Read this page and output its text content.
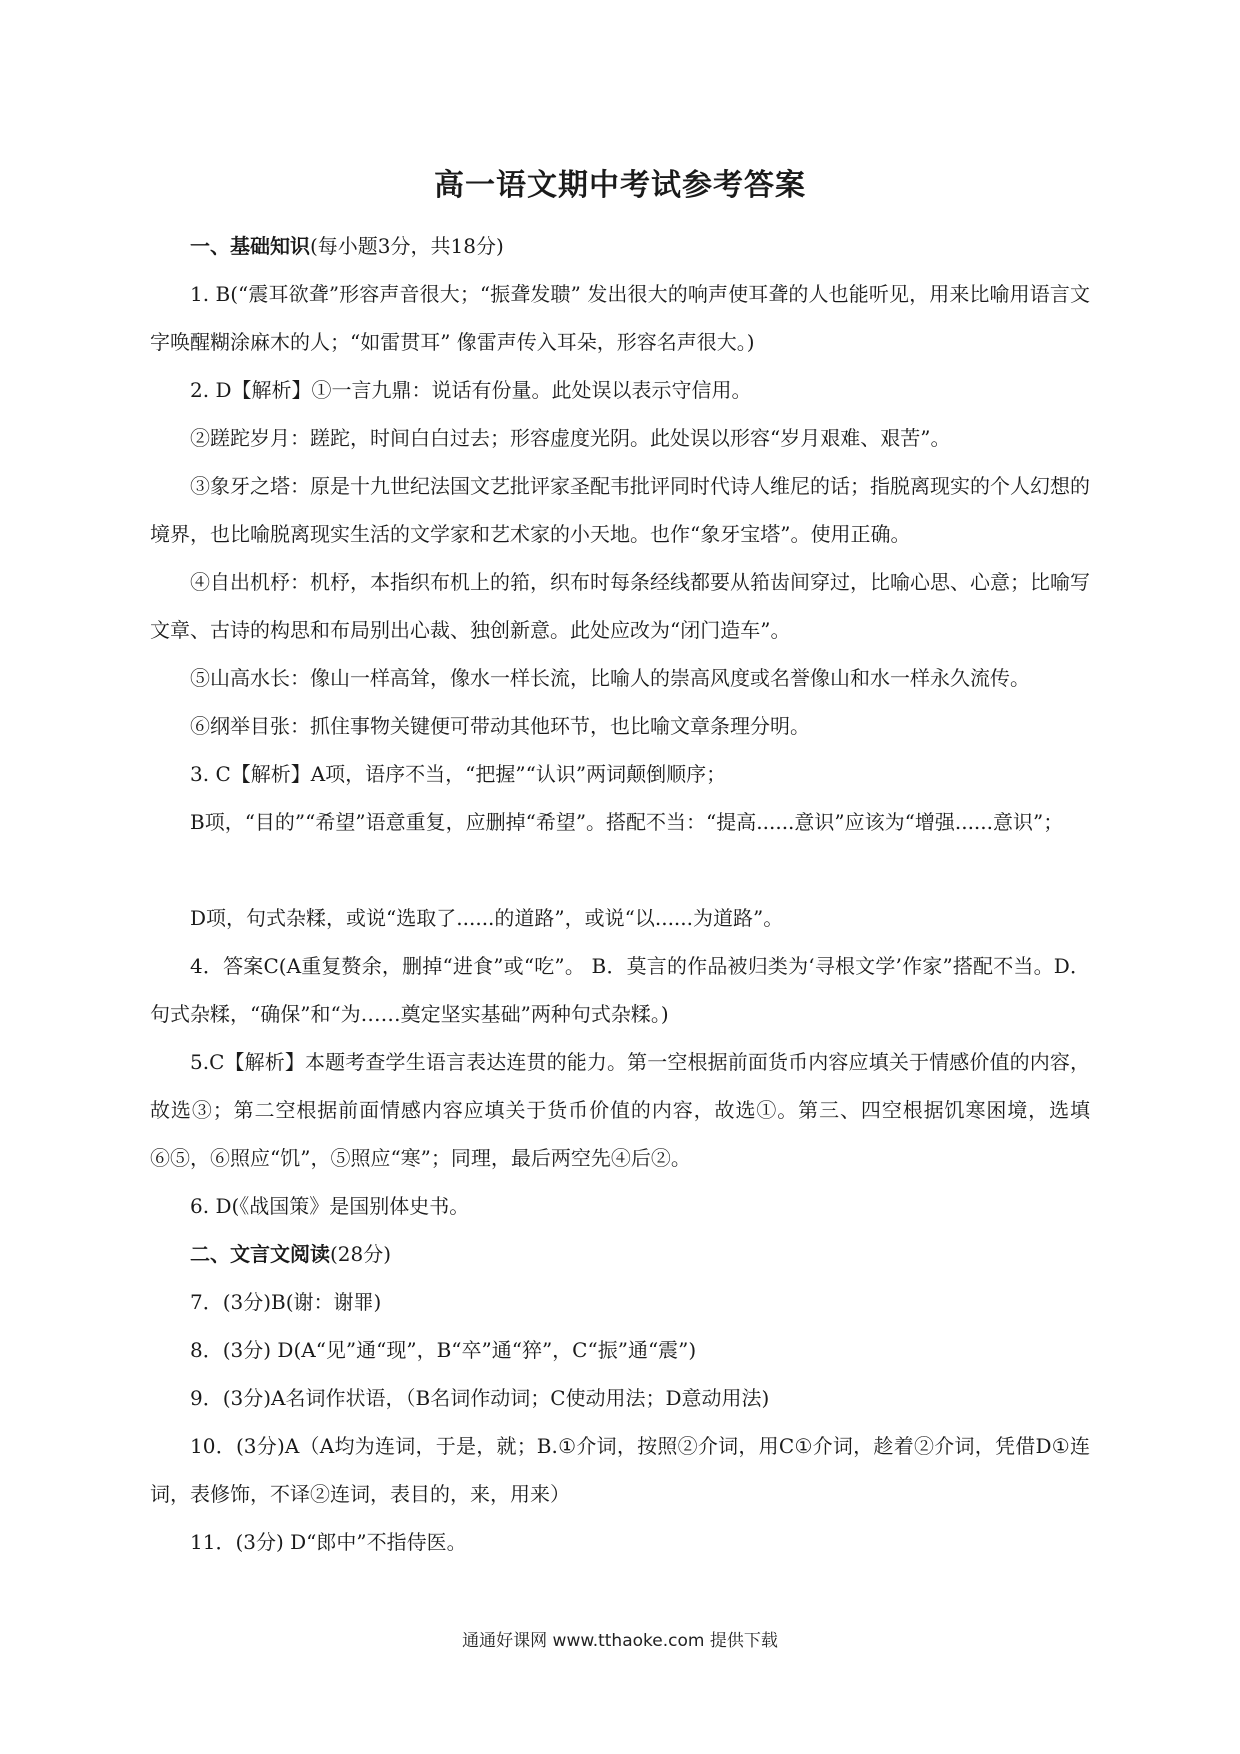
高一语文期中考试参考答案

一、基础知识(每小题3分，共18分)

1. B(“震耳欲聋”形容声音很大；“振聋发聩” 发出很大的响声使耳聋的人也能听见，用来比喻用语言文字唤醒糊涂麻木的人；“如雷贯耳” 像雷声传入耳朵，形容名声很大。)

2. D【解析】①一言九鼎：说话有份量。此处误以表示守信用。

②蹉跎岁月：蹉跎，时间白白过去；形容虚度光阴。此处误以形容“岁月艰难、艰苦”。

③象牙之塔：原是十九世纪法国文艺批评家圣配韦批评同时代诗人维尼的话；指脱离现实的个人幻想的境界，也比喻脱离现实生活的文学家和艺术家的小天地。也作“象牙宝塔”。使用正确。

④自出机杼：机杼，本指织布机上的筘，织布时每条经线都要从筘齿间穿过，比喻心思、心意；比喻写文章、古诗的构思和布局别出心裁、独创新意。此处应改为“闭门造车”。

⑤山高水长：像山一样高耸，像水一样长流，比喻人的崇高风度或名誉像山和水一样永久流传。

⑥纲举目张：抓住事物关键便可带动其他环节，也比喻文章条理分明。

3. C【解析】A项，语序不当，“把握”“认识”两词颠倒顺序；

B项，“目的”“希望”语意重复，应删掉“希望”。搭配不当：“提高......意识”应该为“增强......意识”；

D项，句式杂糅，或说“选取了......的道路”，或说“以......为道路”。

4．答案C(A重复赘余，删掉“进食”或“吃”。 B．莫言的作品被归类为‘寻根文学’作家”搭配不当。D．句式杂糅，“确保”和“为……奠定坚实基础”两种句式杂糅。)

5.C【解析】本题考查学生语言表达连贯的能力。第一空根据前面货币内容应填关于情感价值的内容，故选③；第二空根据前面情感内容应填关于货币价值的内容，故选①。第三、四空根据饥寒困境，选填⑥⑤，⑥照应“饥”，⑤照应“寒”；同理，最后两空先④后②。

6. D(《战国策》是国别体史书。

二、文言文阅读(28分)

7．(3分)B(谢：谢罪)

8．(3分) D(A“见”通“现”，B“卒”通“猝”，C“振”通“震”)

9．(3分)A名词作状语，（B名词作动词；C使动用法；D意动用法)

10．(3分)A（A均为连词，于是，就；B.①介词，按照②介词，用C①介词，趁着②介词，凭借D①连词，表修饰，不译②连词，表目的，来，用来）

11．(3分) D“郎中”不指侍医。

通通好课网 www.tthaoke.com 提供下载
